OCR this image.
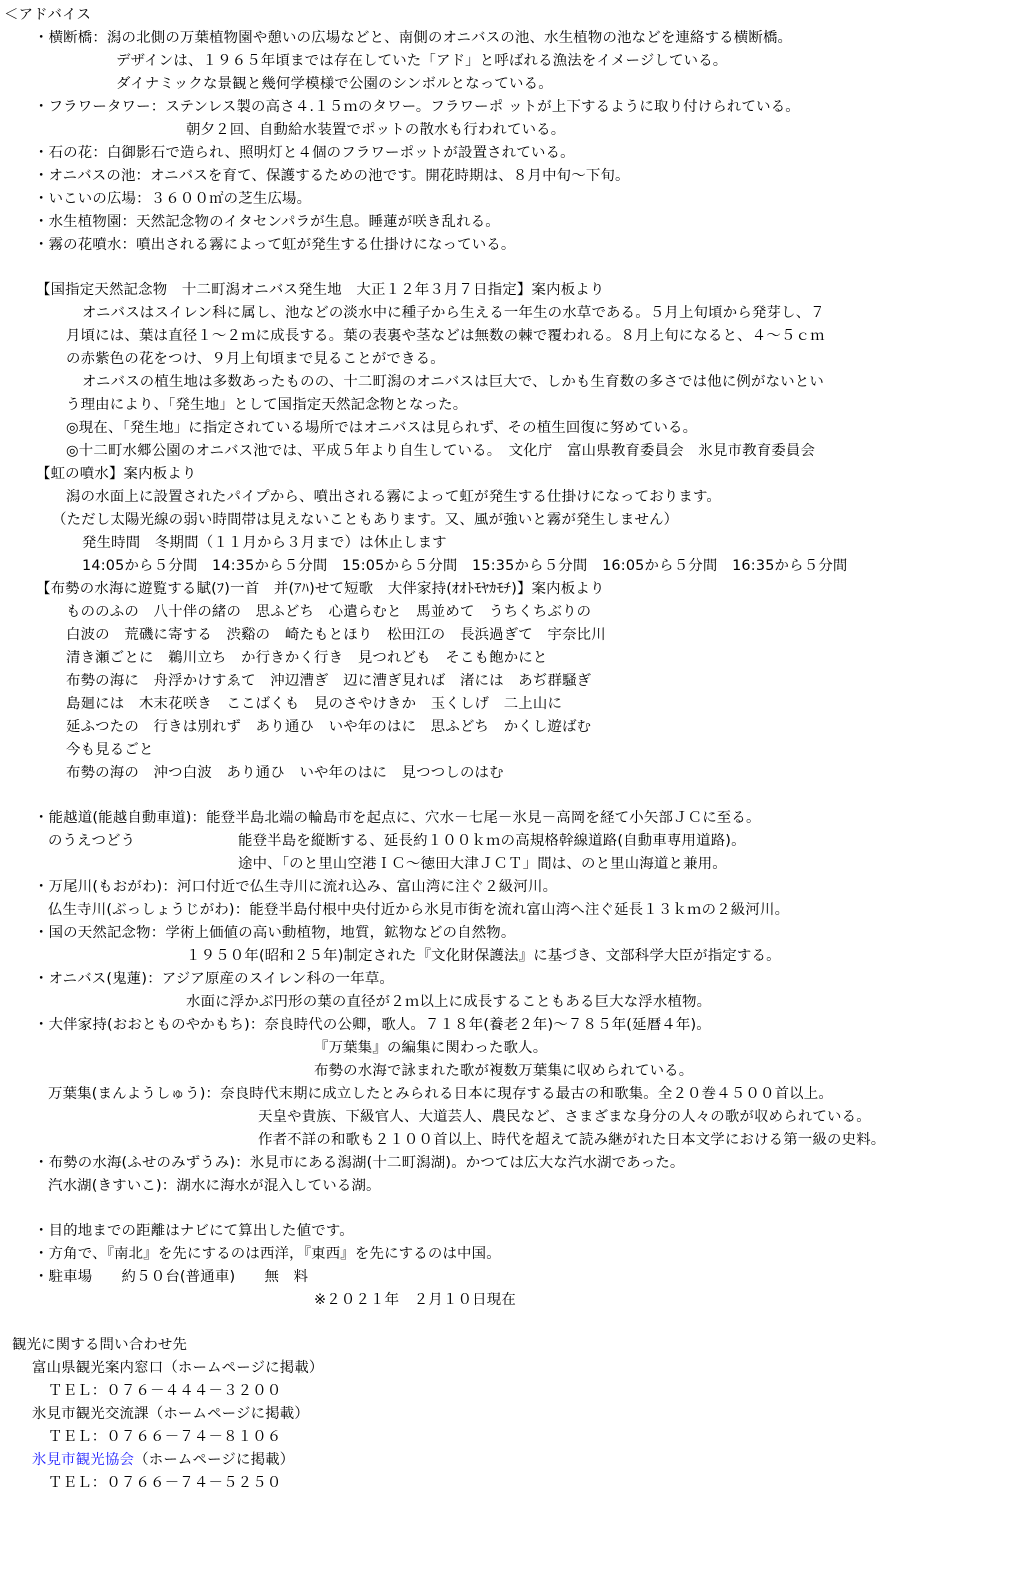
＜アドバイス
・横断橋：潟の北側の万葉植物園や憩いの広場などと、南側のオニバスの池、水生植物の池などを連絡する横断橋。
デザインは、１９６５年頃までは存在していた「アド」と呼ばれる漁法をイメージしている。
ダイナミックな景観と幾何学模様で公園のシンボルとなっている。
・フラワータワー：ステンレス製の高さ４.１５ｍのタワー。フラワーポ ットが上下するように取り付けられている。
朝夕２回、自動給水装置でポットの散水も行われている。
・石の花：白御影石で造られ、照明灯と４個のフラワーポットが設置されている。
・オニバスの池：オニバスを育て、保護するための池です。開花時期は、８月中旬～下旬。
・いこいの広場：３６００㎡の芝生広場。
・水生植物園：天然記念物のイタセンパラが生息。睡蓮が咲き乱れる。
・霧の花噴水：噴出される霧によって虹が発生する仕掛けになっている。
【国指定天然記念物　十二町潟オニバス発生地　大正１２年３月７日指定】案内板より
オニバスはスイレン科に属し、池などの淡水中に種子から生える一年生の水草である。５月上旬頃から発芽し、７
月頃には、葉は直径１～２ｍに成長する。葉の表裏や茎などは無数の棘で覆われる。８月上旬になると、４～５ｃｍ
の赤紫色の花をつけ、９月上旬頃まで見ることができる。
オニバスの植生地は多数あったものの、十二町潟のオニバスは巨大で、しかも生育数の多さでは他に例がないとい
う理由により、「発生地」として国指定天然記念物となった。
◎現在、「発生地」に指定されている場所ではオニバスは見られず、その植生回復に努めている。
◎十二町水郷公園のオニバス池では、平成５年より自生している。　文化庁　富山県教育委員会　氷見市教育委員会
【虹の噴水】案内板より
潟の水面上に設置されたパイプから、噴出される霧によって虹が発生する仕掛けになっております。
（ただし太陽光線の弱い時間帯は見えないこともあります。又、風が強いと霧が発生しません）
発生時間　冬期間（１１月から３月まで）は休止します
14:05から５分間　14:35から５分間　15:05から５分間　15:35から５分間　16:05から５分間　16:35から５分間
【布勢の水海に遊覧する賦(ﾌ)一首　并(ｱﾊ)せて短歌　大伴家持(ｵｵﾄﾓﾔｶﾓﾁ)】案内板より
もののふの　八十伴の緒の　思ふどち　心遣らむと　馬並めて　うちくちぶりの
白波の　荒磯に寄する　渋谿の　崎たもとほり　松田江の　長浜過ぎて　宇奈比川
清き瀬ごとに　鵜川立ち　か行きかく行き　見つれども　そこも飽かにと
布勢の海に　舟浮かけすゑて　沖辺漕ぎ　辺に漕ぎ見れば　渚には　あぢ群騒ぎ
島廻には　木末花咲き　ここばくも　見のさやけきか　玉くしげ　二上山に
延ふつたの　行きは別れず　あり通ひ　いや年のはに　思ふどち　かくし遊ばむ
今も見るごと
布勢の海の　沖つ白波　あり通ひ　いや年のはに　見つつしのはむ
・能越道(能越自動車道)：能登半島北端の輪島市を起点に、穴水－七尾－氷見－高岡を経て小矢部ＪＣに至る。
のうえつどう	能登半島を縦断する、延長約１００ｋｍの高規格幹線道路(自動車専用道路)。
途中、「のと里山空港ＩＣ～徳田大津ＪＣＴ」間は、のと里山海道と兼用。
・万尾川(もおがわ)：河口付近で仏生寺川に流れ込み、富山湾に注ぐ２級河川。
仏生寺川(ぶっしょうじがわ)：能登半島付根中央付近から氷見市街を流れ富山湾へ注ぐ延長１３ｋｍの２級河川。
・国の天然記念物：学術上価値の高い動植物，地質，鉱物などの自然物。
１９５０年(昭和２５年)制定された『文化財保護法』に基づき、文部科学大臣が指定する。
・オニバス(鬼蓮)：アジア原産のスイレン科の一年草。
水面に浮かぶ円形の葉の直径が２ｍ以上に成長することもある巨大な浮水植物。
・大伴家持(おおとものやかもち)：奈良時代の公卿，歌人。７１８年(養老２年)～７８５年(延暦４年)。
『万葉集』の編集に関わった歌人。
布勢の水海で詠まれた歌が複数万葉集に収められている。
万葉集(まんようしゅう)：奈良時代末期に成立したとみられる日本に現存する最古の和歌集。全２０巻４５００首以上。
天皇や貴族、下級官人、大道芸人、農民など、さまざまな身分の人々の歌が収められている。
作者不詳の和歌も２１００首以上、時代を超えて読み継がれた日本文学における第一級の史料。
・布勢の水海(ふせのみずうみ)：氷見市にある潟湖(十二町潟湖)。かつては広大な汽水湖であった。
汽水湖(きすいこ)：湖水に海水が混入している湖。
・目的地までの距離はナビにて算出した値です。
・方角で、『南北』を先にするのは西洋，『東西』を先にするのは中国。
・駐車場　　約５０台(普通車)　　無　料
※２０２１年　２月１０日現在
観光に関する問い合わせ先
富山県観光案内窓口（ホームページに掲載）
ＴＥＬ：０７６－４４４－３２００
氷見市観光交流課（ホームページに掲載）
ＴＥＬ：０７６６－７４－８１０６
氷見市観光協会（ホームページに掲載）
ＴＥＬ：０７６６－７４－５２５０
